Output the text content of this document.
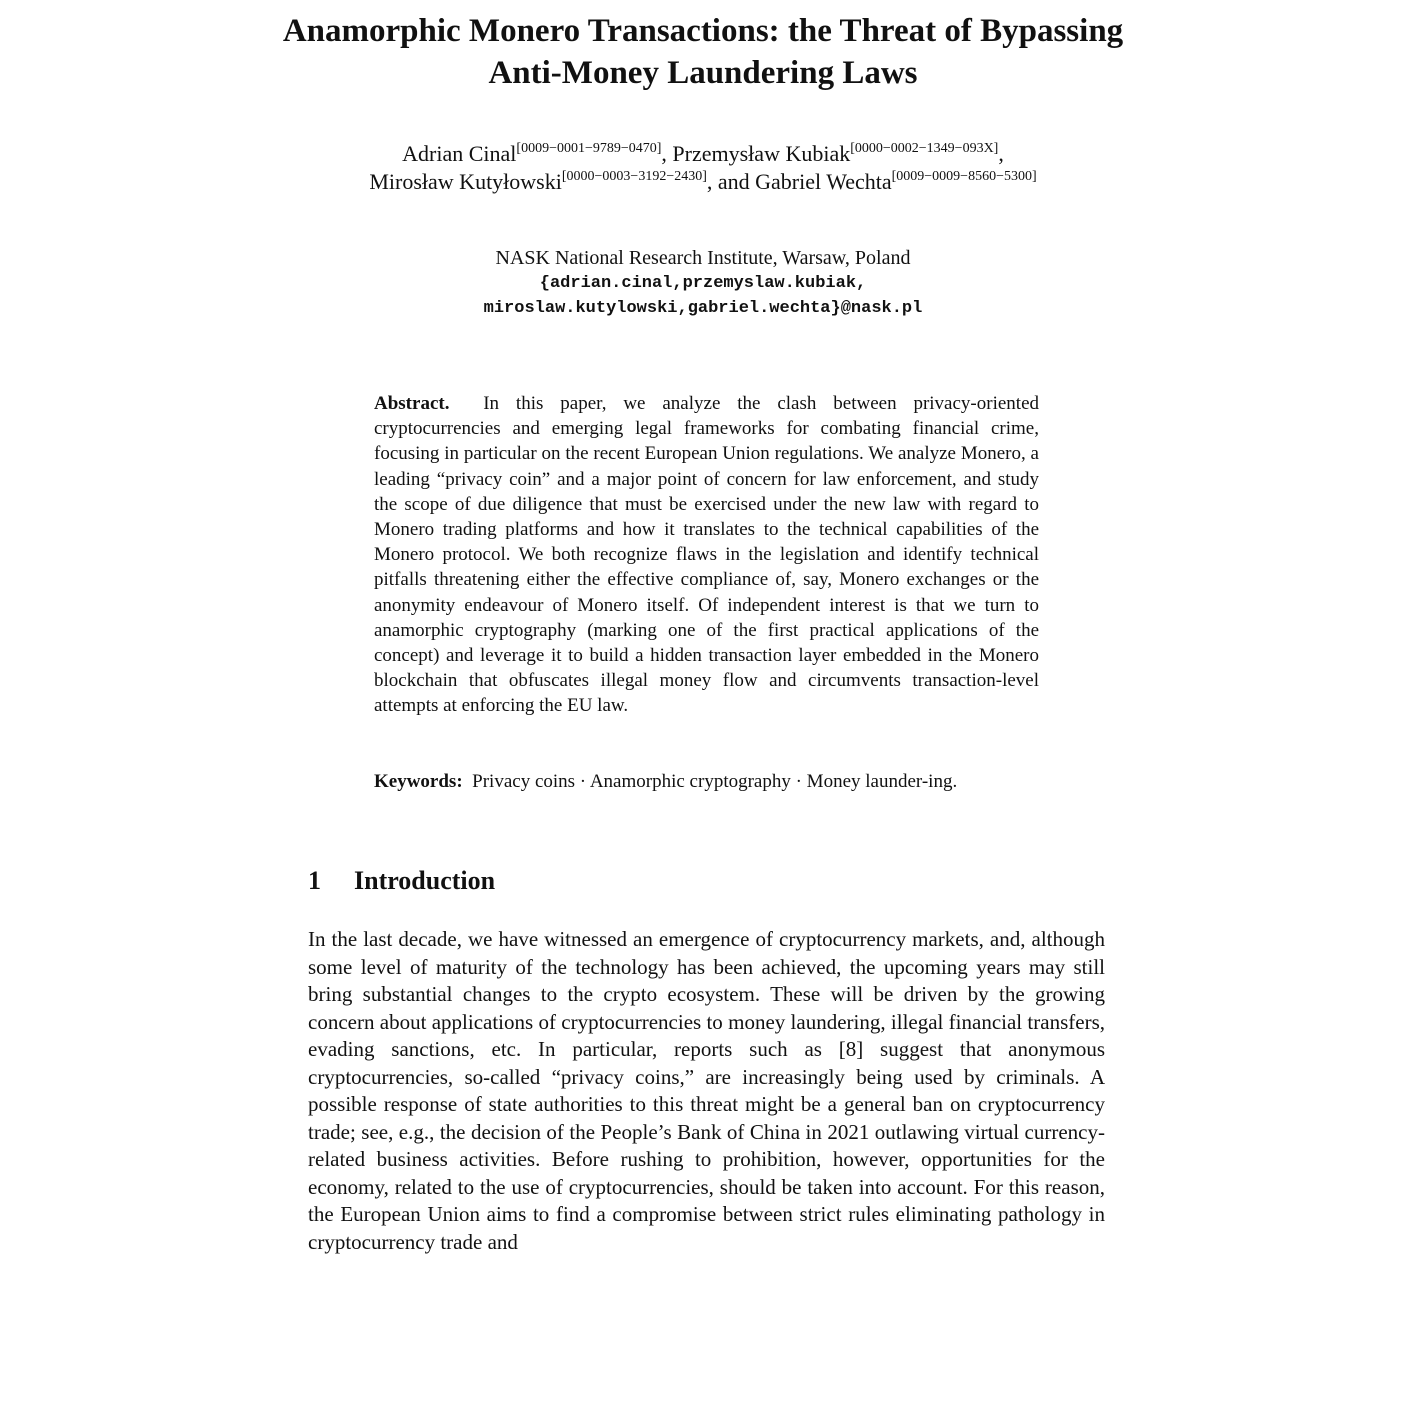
Anamorphic Monero Transactions: the Threat of Bypassing Anti-Money Laundering Laws
Adrian Cinal[0009−0001−9789−0470], Przemysław Kubiak[0000−0002−1349−093X],
Mirosław Kutyłowski[0000−0003−3192−2430], and Gabriel Wechta[0009−0009−8560−5300]
NASK National Research Institute, Warsaw, Poland
{adrian.cinal,przemyslaw.kubiak,
miroslaw.kutylowski,gabriel.wechta}@nask.pl
Abstract. In this paper, we analyze the clash between privacy-oriented cryptocurrencies and emerging legal frameworks for combating financial crime, focusing in particular on the recent European Union regulations. We analyze Monero, a leading “privacy coin” and a major point of concern for law enforcement, and study the scope of due diligence that must be exercised under the new law with regard to Monero trading platforms and how it translates to the technical capabilities of the Monero protocol. We both recognize flaws in the legislation and identify technical pitfalls threatening either the effective compliance of, say, Monero exchanges or the anonymity endeavour of Monero itself. Of independent interest is that we turn to anamorphic cryptography (marking one of the first practical applications of the concept) and leverage it to build a hidden transaction layer embedded in the Monero blockchain that obfuscates illegal money flow and circumvents transaction-level attempts at enforcing the EU law.
Keywords: Privacy coins · Anamorphic cryptography · Money launder-ing.
1 Introduction
In the last decade, we have witnessed an emergence of cryptocurrency markets, and, although some level of maturity of the technology has been achieved, the upcoming years may still bring substantial changes to the crypto ecosystem. These will be driven by the growing concern about applications of cryptocurrencies to money laundering, illegal financial transfers, evading sanctions, etc. In particular, reports such as [8] suggest that anonymous cryptocurrencies, so-called “privacy coins,” are increasingly being used by criminals. A possible response of state authorities to this threat might be a general ban on cryptocurrency trade; see, e.g., the decision of the People’s Bank of China in 2021 outlawing virtual currency-related business activities. Before rushing to prohibition, however, opportunities for the economy, related to the use of cryptocurrencies, should be taken into account. For this reason, the European Union aims to find a compromise between strict rules eliminating pathology in cryptocurrency trade and
